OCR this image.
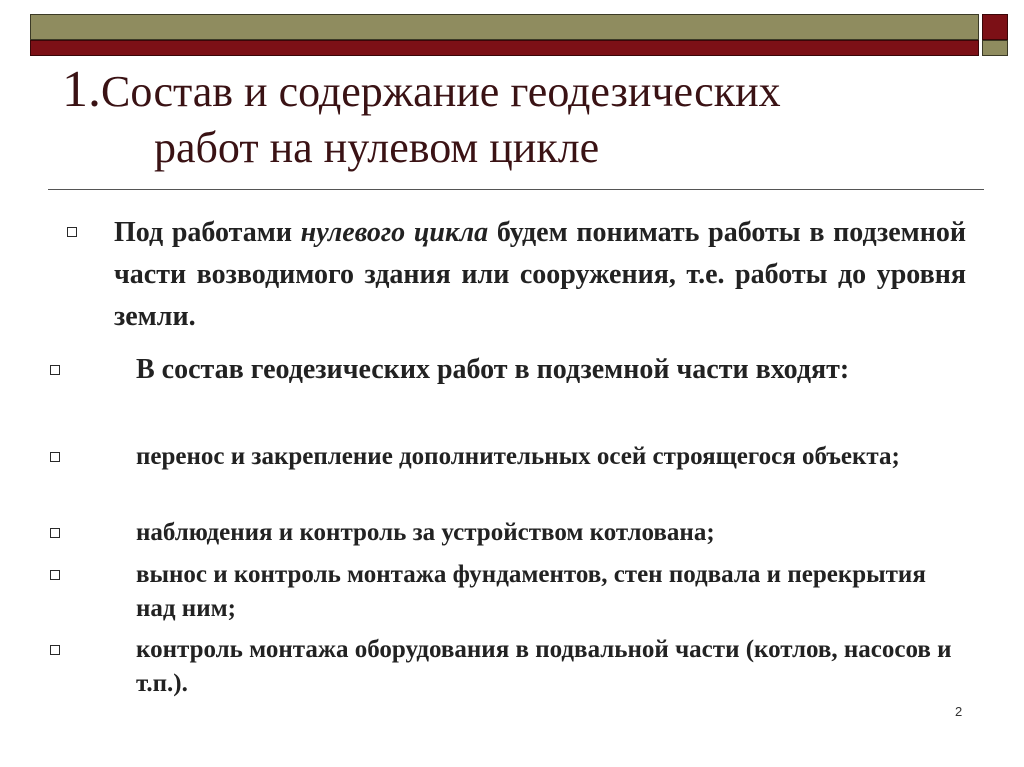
1.Состав и содержание геодезических
работ на нулевом цикле
Под работами нулевого цикла будем понимать работы в подземной части возводимого здания или сооружения, т.е. работы до уровня земли.
В состав геодезических работ в подземной части входят:
перенос и закрепление дополнительных осей строящегося объекта;
наблюдения и контроль за устройством котлована;
вынос и контроль монтажа фундаментов, стен подвала и перекрытия над ним;
контроль монтажа оборудования в подвальной части (котлов, насосов и т.п.).
2
